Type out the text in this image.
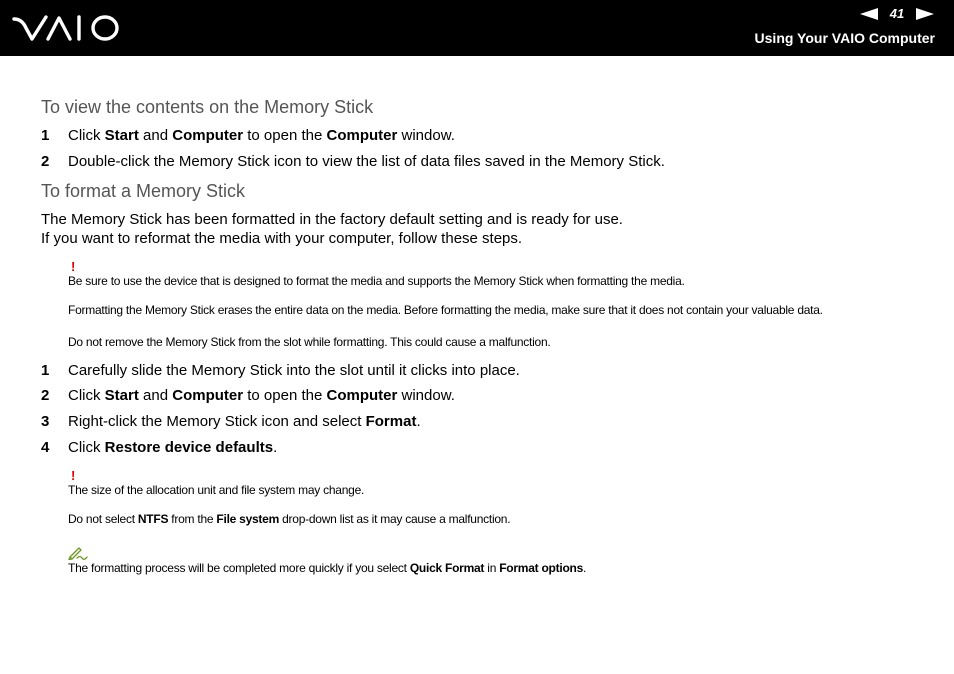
41
Using Your VAIO Computer
To view the contents on the Memory Stick
1 Click Start and Computer to open the Computer window.
2 Double-click the Memory Stick icon to view the list of data files saved in the Memory Stick.
To format a Memory Stick
The Memory Stick has been formatted in the factory default setting and is ready for use.
If you want to reformat the media with your computer, follow these steps.
!
Be sure to use the device that is designed to format the media and supports the Memory Stick when formatting the media.
Formatting the Memory Stick erases the entire data on the media. Before formatting the media, make sure that it does not contain your valuable data.
Do not remove the Memory Stick from the slot while formatting. This could cause a malfunction.
1 Carefully slide the Memory Stick into the slot until it clicks into place.
2 Click Start and Computer to open the Computer window.
3 Right-click the Memory Stick icon and select Format.
4 Click Restore device defaults.
!
The size of the allocation unit and file system may change.
Do not select NTFS from the File system drop-down list as it may cause a malfunction.
The formatting process will be completed more quickly if you select Quick Format in Format options.
